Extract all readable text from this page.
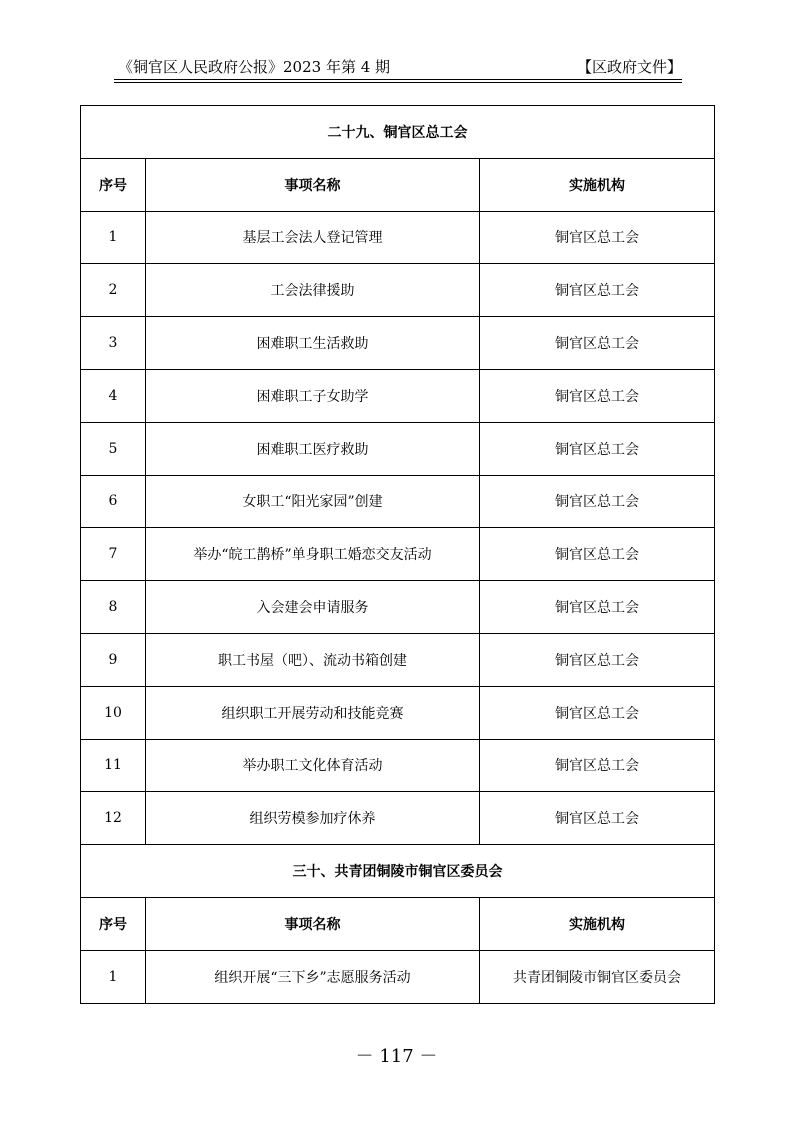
《铜官区人民政府公报》2023 年第 4 期	【区政府文件】
二十九、铜官区总工会		
序号	事项名称	实施机构
1	基层工会法人登记管理	铜官区总工会
2	工会法律援助	铜官区总工会
3	困难职工生活救助	铜官区总工会
4	困难职工子女助学	铜官区总工会
5	困难职工医疗救助	铜官区总工会
6	女职工“阳光家园”创建	铜官区总工会
7	举办“皖工鹊桥”单身职工婚恋交友活动	铜官区总工会
8	入会建会申请服务	铜官区总工会
9	职工书屋（吧）、流动书箱创建	铜官区总工会
10	组织职工开展劳动和技能竞赛	铜官区总工会
11	举办职工文化体育活动	铜官区总工会
12	组织劳模参加疗休养	铜官区总工会
三十、共青团铜陵市铜官区委员会		
序号	事项名称	实施机构
1	组织开展“三下乡”志愿服务活动	共青团铜陵市铜官区委员会
－ 117 －
